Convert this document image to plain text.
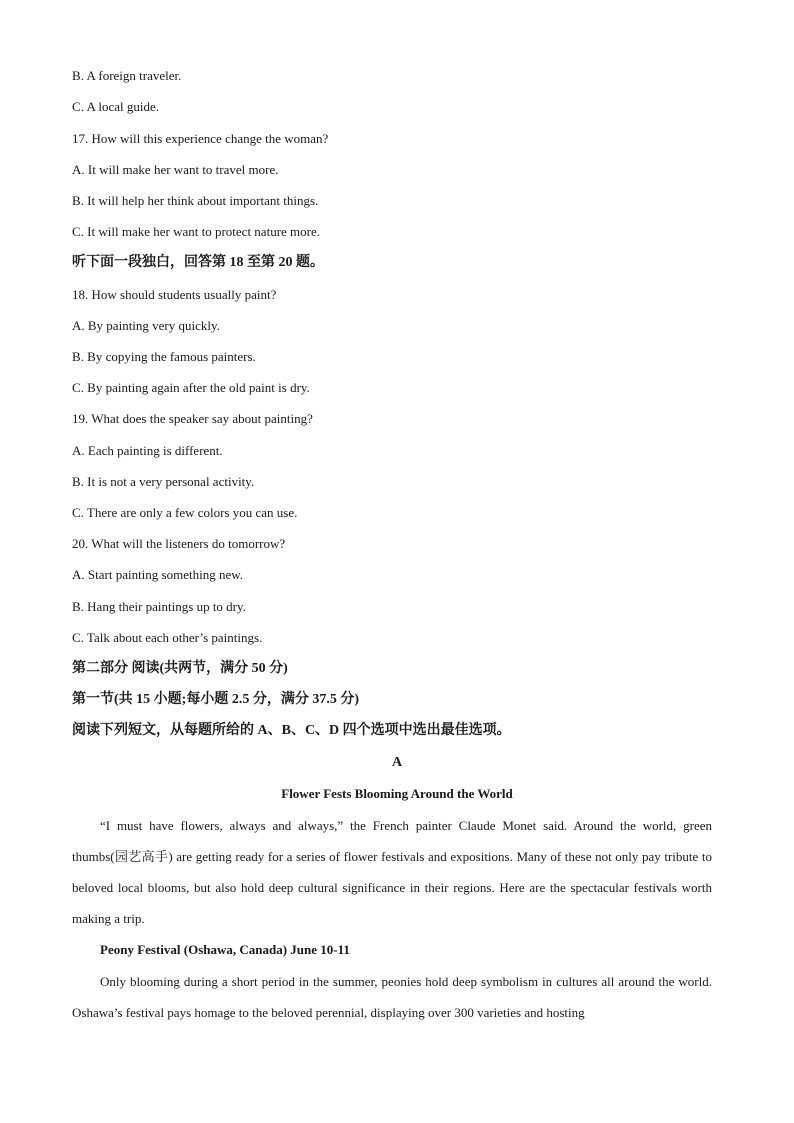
B. A foreign traveler.
C. A local guide.
17. How will this experience change the woman?
A. It will make her want to travel more.
B. It will help her think about important things.
C. It will make her want to protect nature more.
听下面一段独白，回答第 18 至第 20 题。
18. How should students usually paint?
A. By painting very quickly.
B. By copying the famous painters.
C. By painting again after the old paint is dry.
19. What does the speaker say about painting?
A. Each painting is different.
B. It is not a very personal activity.
C. There are only a few colors you can use.
20. What will the listeners do tomorrow?
A. Start painting something new.
B. Hang their paintings up to dry.
C. Talk about each other’s paintings.
第二部分 阅读(共两节，满分 50 分)
第一节(共 15 小题;每小题 2.5 分，满分 37.5 分)
阅读下列短文，从每题所给的 A、B、C、D 四个选项中选出最佳选项。
A
Flower Fests Blooming Around the World
“I must have flowers, always and always,” the French painter Claude Monet said. Around the world, green thumbs(园艺高手) are getting ready for a series of flower festivals and expositions. Many of these not only pay tribute to beloved local blooms, but also hold deep cultural significance in their regions. Here are the spectacular festivals worth making a trip.
Peony Festival (Oshawa, Canada) June 10-11
Only blooming during a short period in the summer, peonies hold deep symbolism in cultures all around the world. Oshawa’s festival pays homage to the beloved perennial, displaying over 300 varieties and hosting
